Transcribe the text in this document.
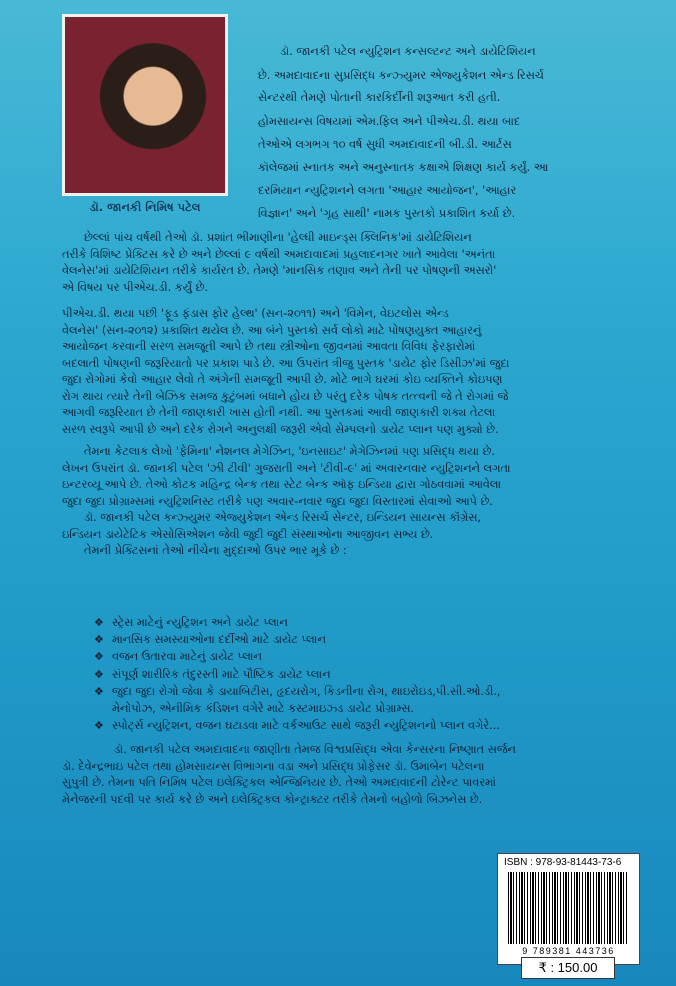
ડૉ. જાનકી નિમિષ પટેલ
ડૉ. જાનકી પટેલ ન્યુટ્રિશન કન્સલ્ટન્ટ અને ડાયેટિશિયન
છે. અમદાવાદના સુપ્રસિદ્ધ કન્ઝ્યુમર એજ્યુકેશન એન્ડ રિસર્ચ
સેન્ટરથી તેમણે પોતાની કારકિર્દીની શરૂઆત કરી હતી.
હોમસાયન્સ વિષયમાં એમ.ફિલ અને પીએચ.ડી. થયા બાદ
તેઓએ લગભગ ૧૦ વર્ષ સુધી અમદાવાદની બી.ડી. આર્ટસ
કૉલેજમાં સ્નાતક અને અનુસ્નાતક કક્ષાએ શિક્ષણ કાર્ય કર્યું. આ
દરમિયાન ન્યુટ્રિશનને લગતા 'આહાર આયોજન', 'આહાર
વિજ્ઞાન' અને 'ગૃહ સાથી' નામક પુસ્તકો પ્રકાશિત કર્યા છે.

છેલ્લાં પાંચ વર્ષથી તેઓ ડૉ. પ્રશાંત ભીમાણીના 'હેલ્ધી માઇન્ડ્સ ક્લિનિક'માં ડાયેટિશિયન

તરીકે વિશિષ્ટ પ્રેક્ટિસ કરે છે અને છેલ્લાં ૯ વર્ષથી અમદાવાદમાં પ્રહલાદનગર ખાતે આવેલા 'અનંતા

વેલનેસ'માં ડાયેટિશિયન તરીકે કાર્યરત છે. તેમણે 'માનસિક તણાવ અને તેની પર પોષણની અસરો'

એ વિષય પર પીએચ.ડી. કર્યું છે.

પીએચ.ડી. થયા પછી 'ફૂડ ફંડાસ ફોર હેલ્થ' (સન-૨૦૧૧) અને 'વિમેન, વેઇટલોસ એન્ડ

વેલનેસ' (સન-૨૦૧૨) પ્રકાશિત થયેલ છે. આ બંને પુસ્તકો સર્વ લોકો માટે પોષણયુક્ત આહારનું

આયોજન કરવાની સરળ સમજૂતી આપે છે તથા સ્ત્રીઓના જીવનમાં આવતા વિવિધ ફેરફારોમાં

બદલાતી પોષણની જરૂરિયાતો પર પ્રકાશ પાડે છે. આ ઉપરાંત ત્રીજુ પુસ્તક 'ડાયેટ ફોર ડિસીઝ'માં જુદા

જુદા રોગોમાં કેવો આહાર લેવો તે અંગેની સમજૂતી આપી છે. મોટે ભાગે ઘરમાં કોઇ વ્યક્તિને કોઇપણ

રોગ થાય ત્યારે તેની બેઝિક સમજ કુટુંબમાં બધાને હોય છે પરંતુ દરેક પોષક તત્ત્વની જે તે રોગમાં જે

આગવી જરૂરિયાત છે તેની જાણકારી ખાસ હોતી નથી. આ પુસ્તકમાં આવી જાણકારી શક્ય તેટલા

સરળ સ્વરૂપે આપી છે અને દરેક રોગને અનુલક્ષી જરૂરી એવો સેમ્પલનો ડાયેટ પ્લાન પણ મુક્યો છે.

તેમના કેટલાક લેખો 'ફેમિના' નેશનલ મેગેઝિન, 'ઇનસાઇટ' મેગેઝિનમાં પણ પ્રસિદ્ધ થયા છે.

લેખન ઉપરાંત ડૉ. જાનકી પટેલ 'ઝી ટીવી' ગુજરાતી અને 'ટીવી-૯' માં અવારનવાર ન્યુટ્રિશનને લગતા

ઇન્ટરવ્યૂ આપે છે. તેઓ કોટક મહિન્દ્ર બેન્ક તથા સ્ટેટ બેન્ક ઑફ ઇન્ડિયા દ્વારા ગોઠવવામાં આવેલા

જુદા જુદા પ્રોગ્રામ્સમાં ન્યુટ્રિશનિસ્ટ તરીકે પણ અવાર-નવાર જુદા જુદા વિસ્તારમાં સેવાઓ આપે છે.

ડૉ. જાનકી પટેલ કન્ઝ્યુમર એજ્યુકેશન એન્ડ રિસર્ચ સેન્ટર, ઇન્ડિયન સાયન્સ કૉંગ્રેસ,

ઇન્ડિયન ડાયેટેટિક એસોસિએશન જેવી જુદી જુદી સંસ્થાઓના આજીવન સભ્ય છે.

તેમની પ્રેક્ટિસનાં તેઓ નીચેના મુદ્દાઓ ઉપર ભાર મૂકે છે :

❖ સ્ટ્રેસ માટેનું ન્યુટ્રિશન અને ડાયેટ પ્લાન
❖ માનસિક સમસ્યાઓના દર્દીઓ માટે ડાયેટ પ્લાન
❖ વજન ઉતારવા માટેનું ડાયેટ પ્લાન
❖ સંપૂર્ણ શારીરિક તંદુરસ્તી માટે પૌષ્ટિક ડાયેટ પ્લાન
❖ જુદા જુદા રોગો જેવા કે ડાયાબિટીસ, હૃદયરોગ, કિડનીના રોગ, થાઇરોઇડ,પી.સી.ઓ.ડી.,
મેનોપોઝ, એનીમિક કંડિશન વગેરે માટે કસ્ટમાઇઝ્ડ ડાયેટ પ્રોગ્રામ્સ.
❖ સ્પોર્ટ્સ ન્યુટ્રિશન, વજન ઘટાડવા માટે વર્કઆઉટ સાથે જરૂરી ન્યુટ્રિશનનો પ્લાન વગેરે...

ડૉ. જાનકી પટેલ અમદાવાદના જાણીતા તેમજ વિશ્વપ્રસિદ્ધ એવા કેન્સરના નિષ્ણાત સર્જન

ડૉ. દેવેન્દ્રભાઇ પટેલ તથા હોમસાયન્સ વિભાગના વડા અને પ્રસિદ્ધ પ્રોફેસર ડૉ. ઉમાબેન પટેલના

સુપુત્રી છે. તેમના પતિ નિમિષ પટેલ ઇલેક્ટ્રિકલ એન્જિનિયર છે. તેઓ અમદાવાદની ટોરેન્ટ પાવરમાં

મેનેજરની પદવી પર કાર્ય કરે છે અને ઇલેક્ટ્રિકલ કોન્ટ્રાક્ટર તરીકે તેમનો બહોળો બિઝનેસ છે.

ISBN : 978-93-81443-73-6
9 789381 443736
₹ : 150.00
